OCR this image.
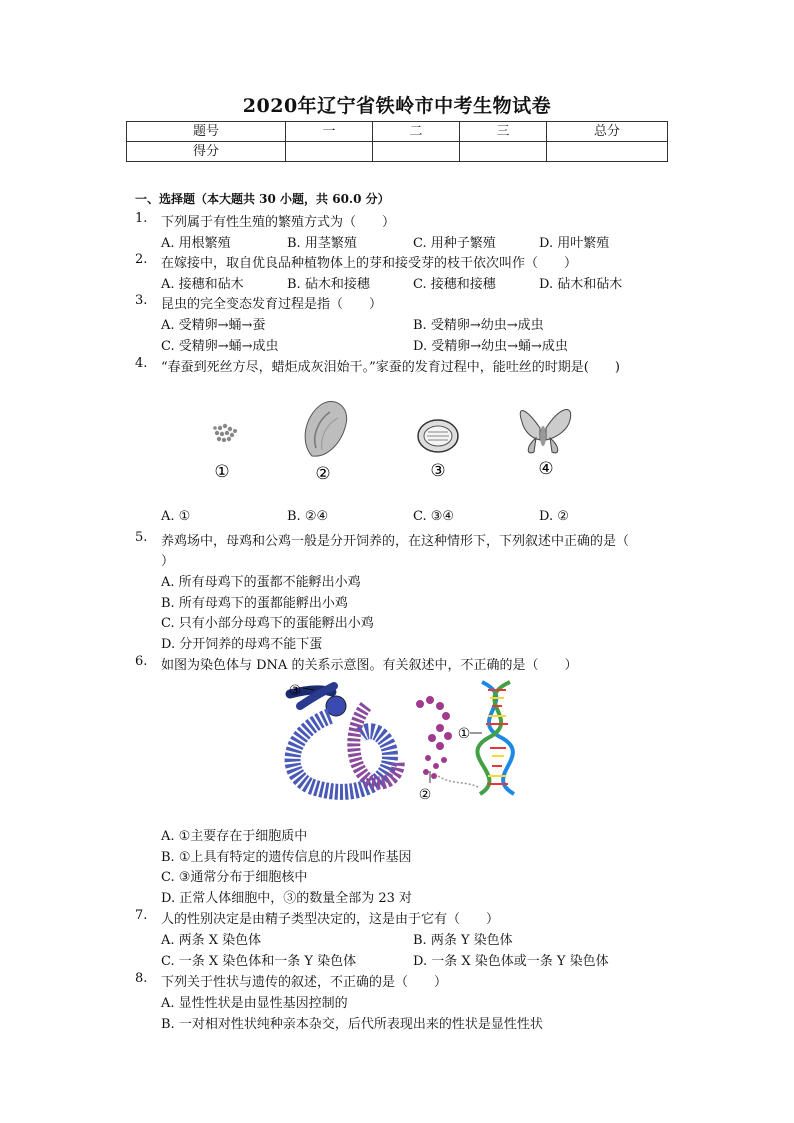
2020年辽宁省铁岭市中考生物试卷
题号	一	二	三	总分
得分				
一、选择题（本大题共 30 小题，共 60.0 分）
1. 下列属于有性生殖的繁殖方式为（　　）
A. 用根繁殖	B. 用茎繁殖	C. 用种子繁殖	D. 用叶繁殖
2. 在嫁接中，取自优良品种植物体上的芽和接受芽的枝干依次叫作（　　）
A. 接穗和砧木	B. 砧木和接穗	C. 接穗和接穗	D. 砧木和砧木
3. 昆虫的完全变态发育过程是指（　　）
A. 受精卵→蛹→蚕	B. 受精卵→幼虫→成虫
C. 受精卵→蛹→成虫	D. 受精卵→幼虫→蛹→成虫
4. “春蚕到死丝方尽，蜡炬成灰泪始干。”家蚕的发育过程中，能吐丝的时期是(　　)
①	②	③	④
A. ①	B. ②④	C. ③④	D. ②
5. 养鸡场中，母鸡和公鸡一般是分开饲养的，在这种情形下，下列叙述中正确的是（
）
A. 所有母鸡下的蛋都不能孵出小鸡
B. 所有母鸡下的蛋都能孵出小鸡
C. 只有小部分母鸡下的蛋能孵出小鸡
D. 分开饲养的母鸡不能下蛋
6. 如图为染色体与 DNA 的关系示意图。有关叙述中，不正确的是（　　）
③
①
②
A. ①主要存在于细胞质中
B. ①上具有特定的遗传信息的片段叫作基因
C. ③通常分布于细胞核中
D. 正常人体细胞中，③的数量全部为 23 对
7. 人的性别决定是由精子类型决定的，这是由于它有（　　）
A. 两条 X 染色体	B. 两条 Y 染色体
C. 一条 X 染色体和一条 Y 染色体	D. 一条 X 染色体或一条 Y 染色体
8. 下列关于性状与遗传的叙述，不正确的是（　　）
A. 显性性状是由显性基因控制的
B. 一对相对性状纯种亲本杂交，后代所表现出来的性状是显性性状
